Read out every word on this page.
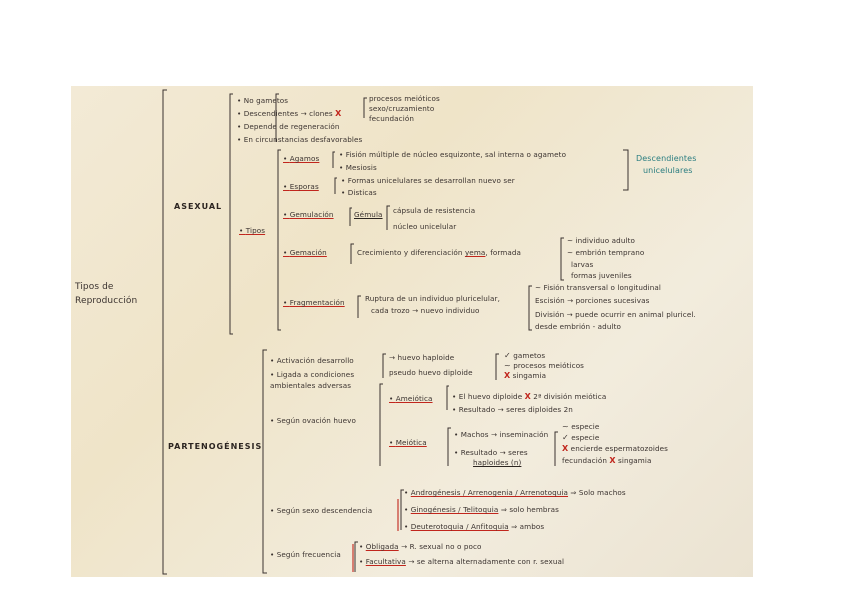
Tipos de
Reproducción
ASEXUAL
• No gametos
• Descendientes → clones X
• Depende de regeneración
• En circunstancias desfavorables
procesos meióticos
sexo/cruzamiento
fecundación
• Tipos
• Agamos	• Fisión múltiple de núcleo esquizonte, sal interna o agameto
• Mesiosis
• Esporas
• Formas unicelulares se desarrollan nuevo ser
• Disticas
Descendientes
unicelulares
• Gemulación	Gémula cápsula de resistencia
núcleo unicelular
• Gemación	Crecimiento y diferenciación yema, formada
~ individuo adulto
~ embrión temprano
larvas
formas juveniles
• Fragmentación	Ruptura de un individuo pluricelular,
cada trozo → nuevo individuo
~ Fisión transversal o longitudinal
Escisión → porciones sucesivas
División → puede ocurrir en animal pluricel.
desde embrión - adulto
PARTENOGÉNESIS
• Activación desarrollo
• Ligada a condiciones
ambientales adversas
→ huevo haploide
pseudo huevo diploide
✓ gametos
~ procesos meióticos
X singamia
• Según ovación huevo
• Ameiótica	• El huevo diploide X 2ª división meiótica
• Resultado → seres diploides 2n
• Meiótica
• Machos → inseminación
• Resultado → seres
haploides (n)
~ especie
✓ especie
X encierde espermatozoides
fecundación X singamia
• Según sexo descendencia
• Androgénesis / Arrenogenia / Arrenotoquia ⇒ Solo machos
• Ginogénesis / Telitoquia ⇒ solo hembras
• Deuterotoquia / Anfitoquia ⇒ ambos
• Según frecuencia
• Obligada → R. sexual no o poco
• Facultativa → se alterna alternadamente con r. sexual
